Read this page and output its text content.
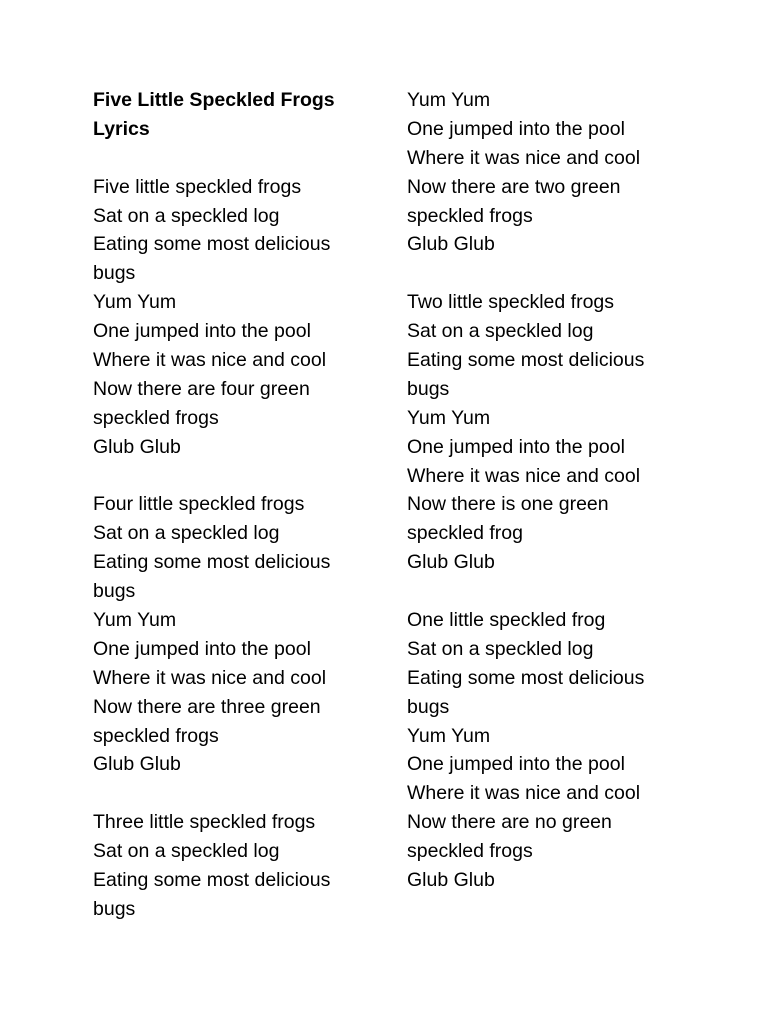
Five Little Speckled Frogs
Lyrics
Five little speckled frogs
Sat on a speckled log
Eating some most delicious
bugs
Yum Yum
One jumped into the pool
Where it was nice and cool
Now there are four green
speckled frogs
Glub Glub
Four little speckled frogs
Sat on a speckled log
Eating some most delicious
bugs
Yum Yum
One jumped into the pool
Where it was nice and cool
Now there are three green
speckled frogs
Glub Glub
Three little speckled frogs
Sat on a speckled log
Eating some most delicious
bugs
Yum Yum
One jumped into the pool
Where it was nice and cool
Now there are two green
speckled frogs
Glub Glub
Two little speckled frogs
Sat on a speckled log
Eating some most delicious
bugs
Yum Yum
One jumped into the pool
Where it was nice and cool
Now there is one green
speckled frog
Glub Glub
One little speckled frog
Sat on a speckled log
Eating some most delicious
bugs
Yum Yum
One jumped into the pool
Where it was nice and cool
Now there are no green
speckled frogs
Glub Glub
